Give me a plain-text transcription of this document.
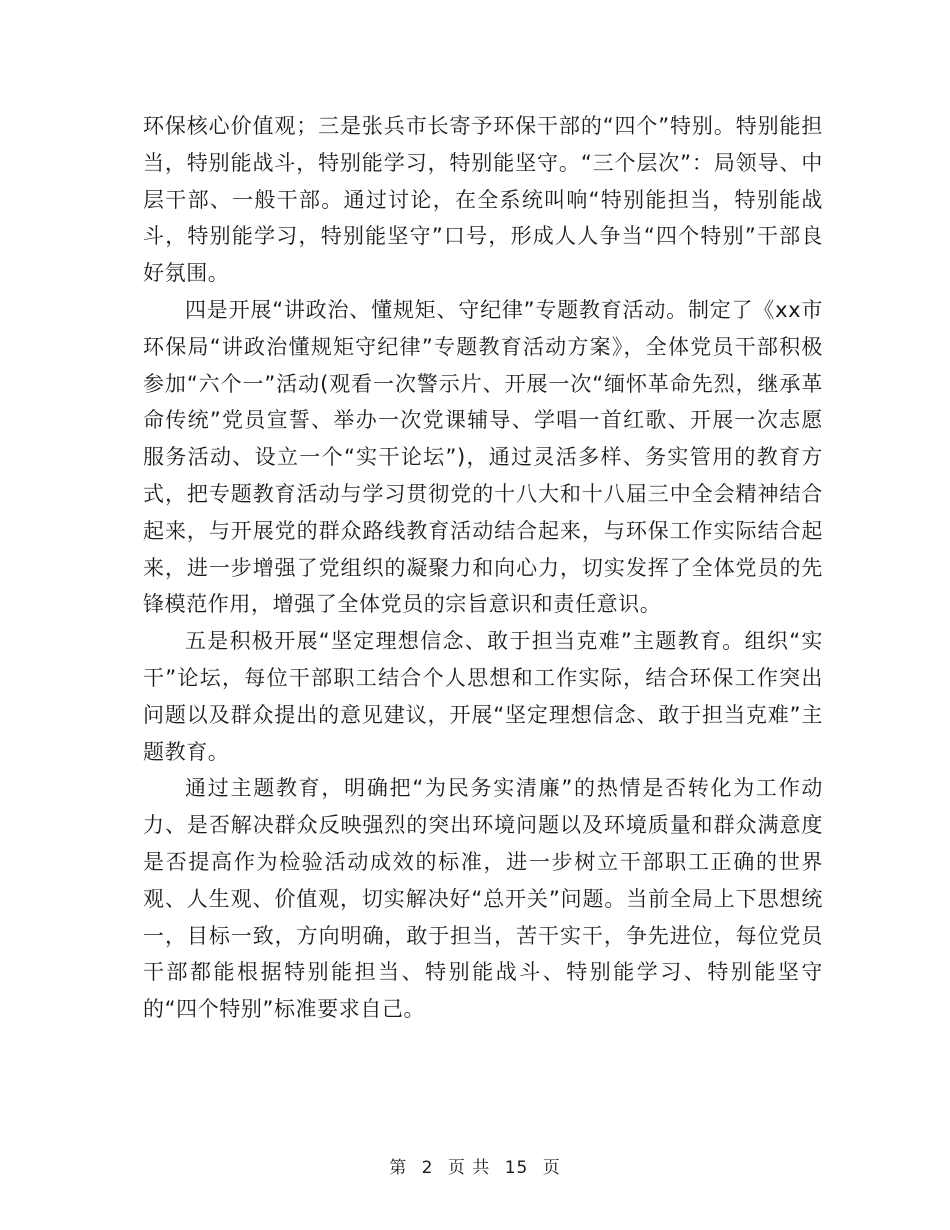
环保核心价值观；三是张兵市长寄予环保干部的“四个”特别。特别能担当，特别能战斗，特别能学习，特别能坚守。“三个层次”：局领导、中层干部、一般干部。通过讨论，在全系统叫响“特别能担当，特别能战斗，特别能学习，特别能坚守”口号，形成人人争当“四个特别”干部良好氛围。

四是开展“讲政治、懂规矩、守纪律”专题教育活动。制定了《xx市环保局“讲政治懂规矩守纪律”专题教育活动方案》，全体党员干部积极参加“六个一”活动(观看一次警示片、开展一次“缅怀革命先烈，继承革命传统”党员宣誓、举办一次党课辅导、学唱一首红歌、开展一次志愿服务活动、设立一个“实干论坛”)，通过灵活多样、务实管用的教育方式，把专题教育活动与学习贯彻党的十八大和十八届三中全会精神结合起来，与开展党的群众路线教育活动结合起来，与环保工作实际结合起来，进一步增强了党组织的凝聚力和向心力，切实发挥了全体党员的先锋模范作用，增强了全体党员的宗旨意识和责任意识。

五是积极开展“坚定理想信念、敢于担当克难”主题教育。组织“实干”论坛，每位干部职工结合个人思想和工作实际，结合环保工作突出问题以及群众提出的意见建议，开展“坚定理想信念、敢于担当克难”主题教育。

通过主题教育，明确把“为民务实清廉”的热情是否转化为工作动力、是否解决群众反映强烈的突出环境问题以及环境质量和群众满意度是否提高作为检验活动成效的标准，进一步树立干部职工正确的世界观、人生观、价值观，切实解决好“总开关”问题。当前全局上下思想统一，目标一致，方向明确，敢于担当，苦干实干，争先进位，每位党员干部都能根据特别能担当、特别能战斗、特别能学习、特别能坚守的“四个特别”标准要求自己。

第 2 页 共 15 页
